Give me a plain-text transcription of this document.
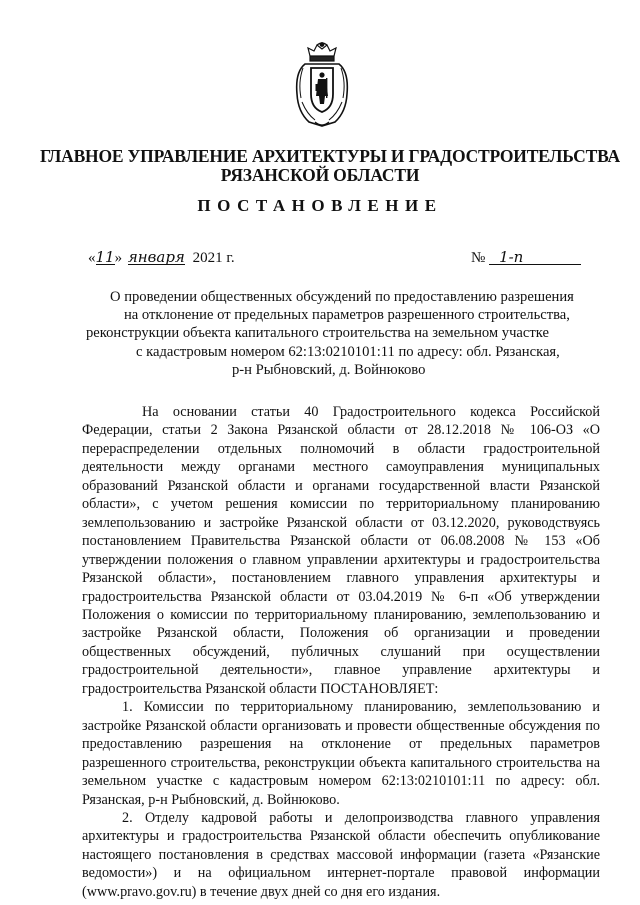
ГЛАВНОЕ УПРАВЛЕНИЕ АРХИТЕКТУРЫ И ГРАДОСТРОИТЕЛЬСТВА
РЯЗАНСКОЙ ОБЛАСТИ
ПОСТАНОВЛЕНИЕ
«11» января 2021 г.	№ 1-п
О проведении общественных обсуждений по предоставлению разрешения
на отклонение от предельных параметров разрешенного строительства,
реконструкции объекта капитального строительства на земельном участке
с кадастровым номером 62:13:0210101:11 по адресу: обл. Рязанская,
р-н Рыбновский, д. Войнюково

На основании статьи 40 Градостроительного кодекса Российской Федерации, статьи 2 Закона Рязанской области от 28.12.2018 № 106-ОЗ «О перераспределении отдельных полномочий в области градостроительной деятельности между органами местного самоуправления муниципальных образований Рязанской области и органами государственной власти Рязанской области», с учетом решения комиссии по территориальному планированию землепользованию и застройке Рязанской области от 03.12.2020, руководствуясь постановлением Правительства Рязанской области от 06.08.2008 № 153 «Об утверждении положения о главном управлении архитектуры и градостроительства Рязанской области», постановлением главного управления архитектуры и градостроительства Рязанской области от 03.04.2019 № 6-п «Об утверждении Положения о комиссии по территориальному планированию, землепользованию и застройке Рязанской области, Положения об организации и проведении общественных обсуждений, публичных слушаний при осуществлении градостроительной деятельности», главное управление архитектуры и градостроительства Рязанской области ПОСТАНОВЛЯЕТ:

1. Комиссии по территориальному планированию, землепользованию и застройке Рязанской области организовать и провести общественные обсуждения по предоставлению разрешения на отклонение от предельных параметров разрешенного строительства, реконструкции объекта капитального строительства на земельном участке с кадастровым номером 62:13:0210101:11 по адресу: обл. Рязанская, р-н Рыбновский, д. Войнюково.

2. Отделу кадровой работы и делопроизводства главного управления архитектуры и градостроительства Рязанской области обеспечить опубликование настоящего постановления в средствах массовой информации (газета «Рязанские ведомости») и на официальном интернет-портале правовой информации (www.pravo.gov.ru) в течение двух дней со дня его издания.
